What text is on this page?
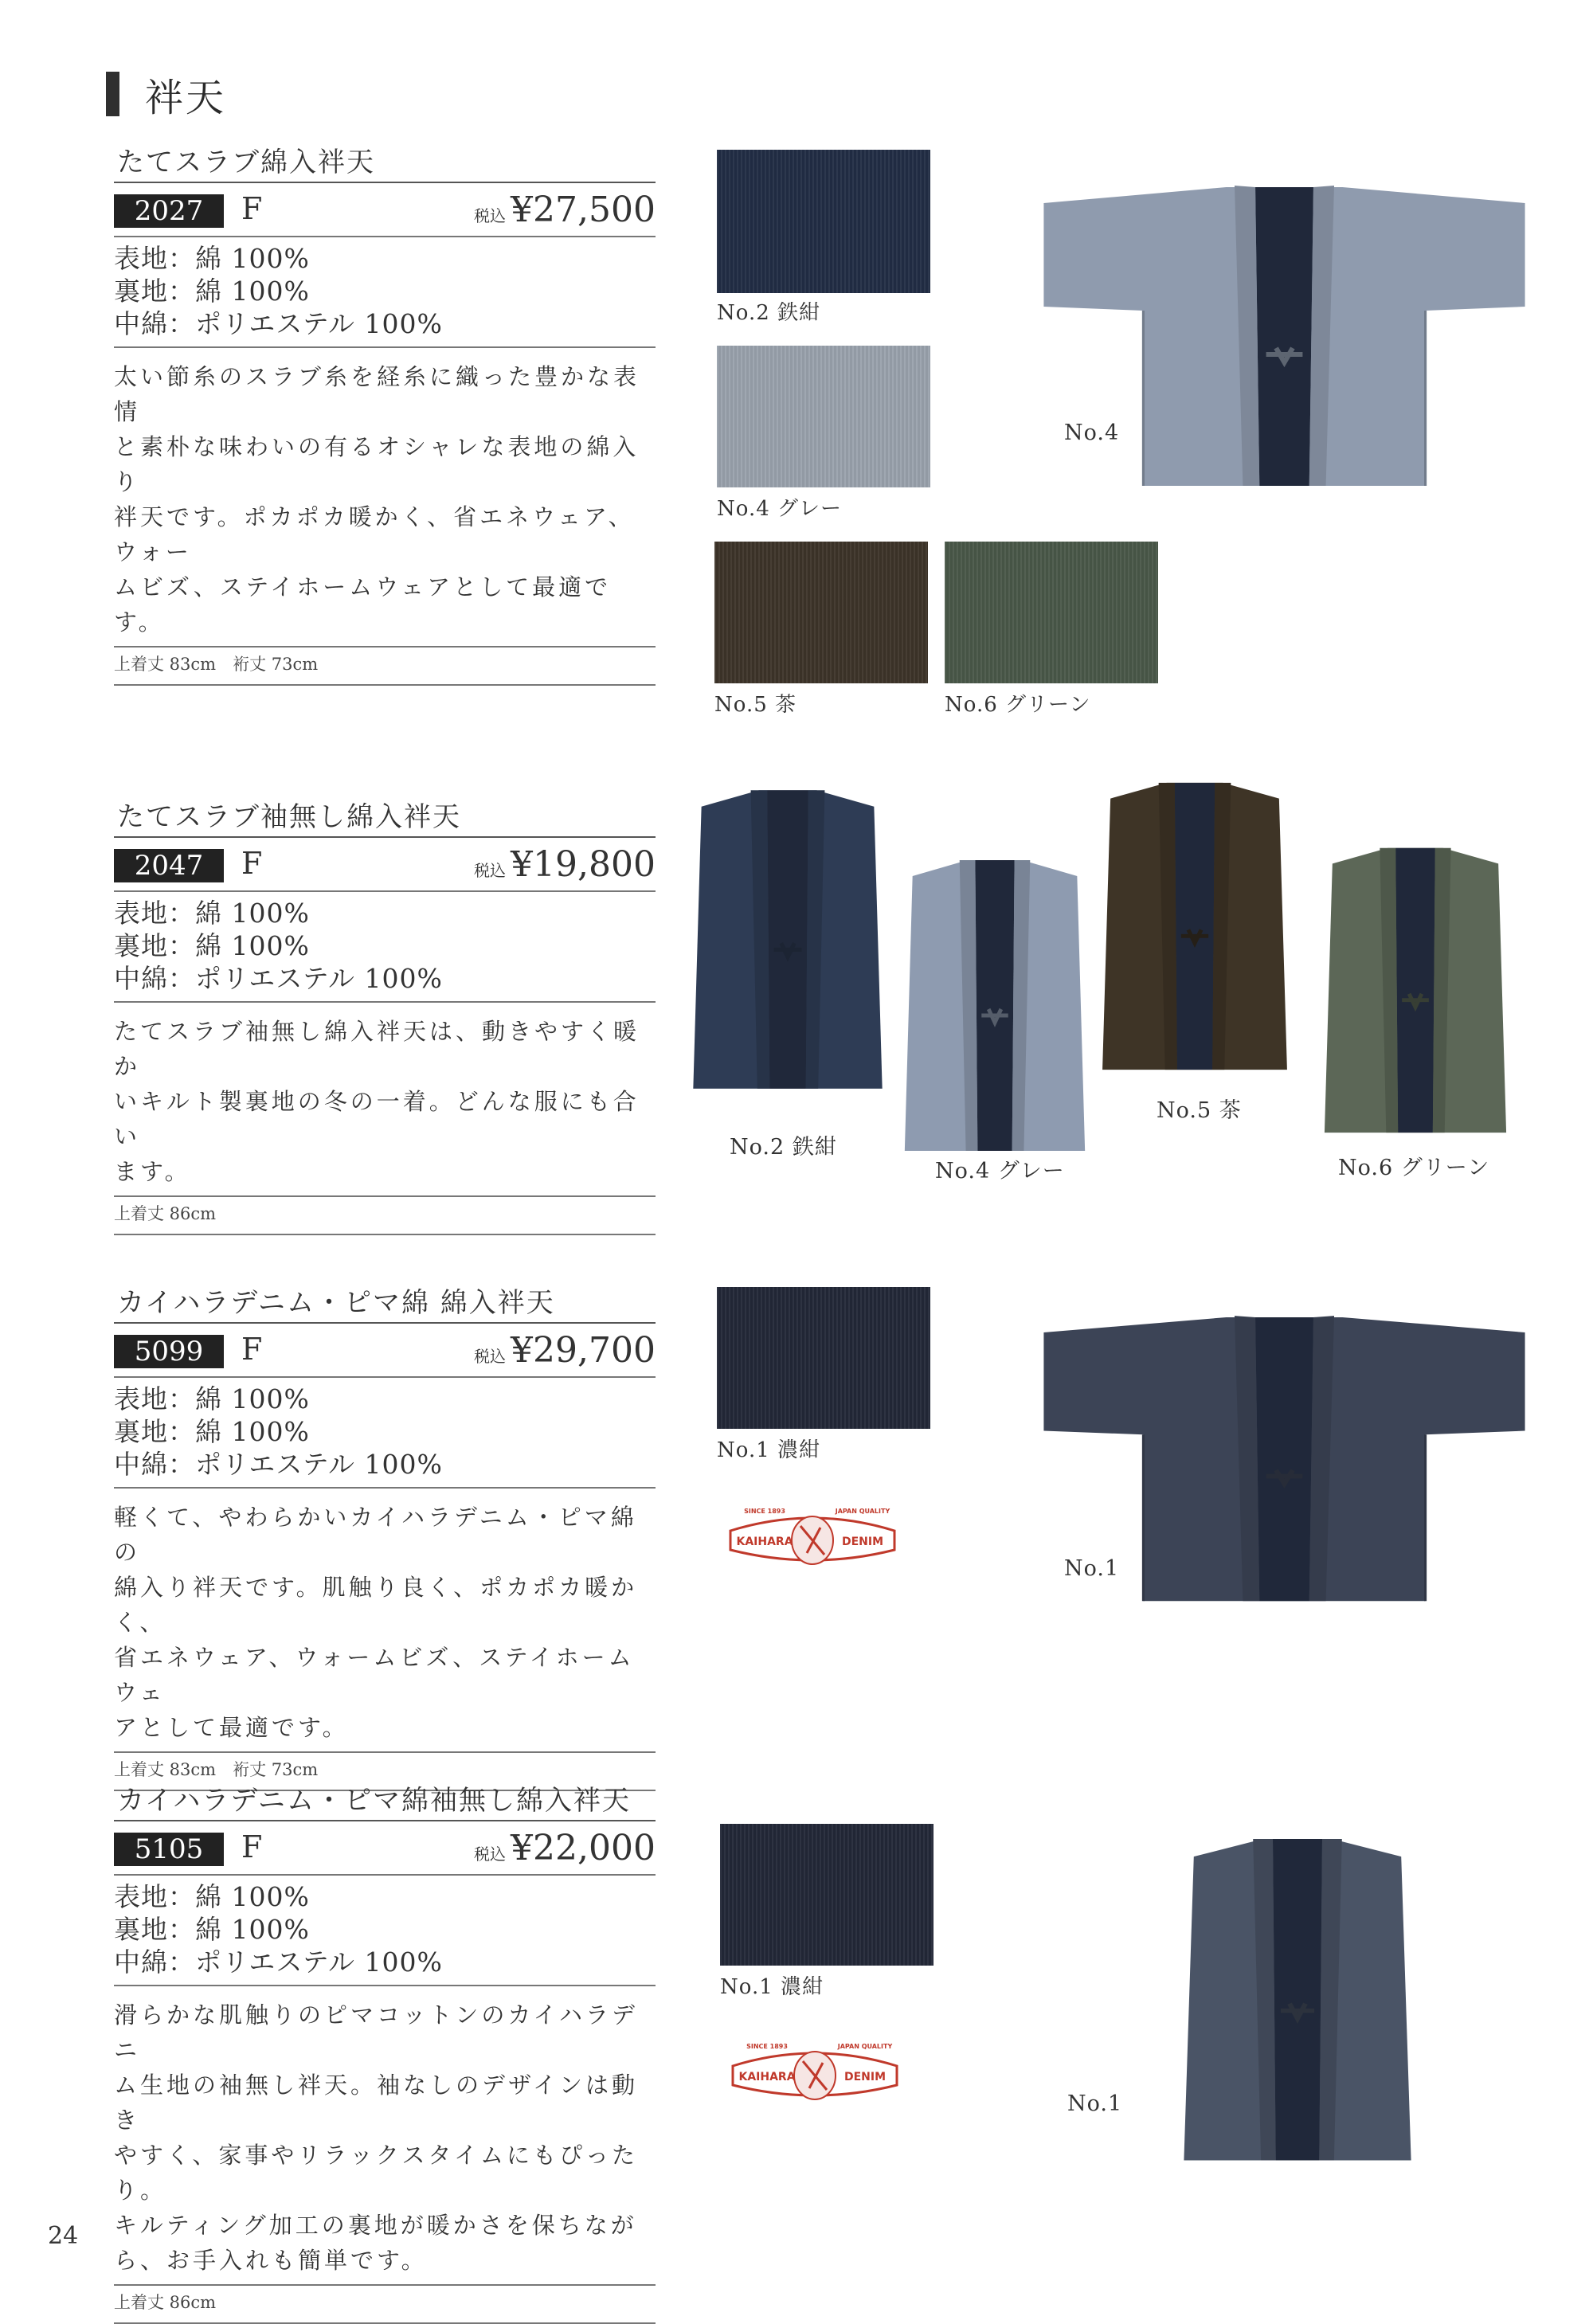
袢天
たてスラブ綿入袢天
2027	F	税込 ¥27,500
表地：綿 100%
裏地：綿 100%
中綿：ポリエステル 100%
太い節糸のスラブ糸を経糸に織った豊かな表情
と素朴な味わいの有るオシャレな表地の綿入り
袢天です。ポカポカ暖かく、省エネウェア、ウォー
ムビズ、ステイホームウェアとして最適です。
上着丈 83cm　裄丈 73cm
No.2 鉄紺
No.4 グレー
No.5 茶	No.6 グリーン
No.4
たてスラブ袖無し綿入袢天
2047	F	税込 ¥19,800
表地：綿 100%
裏地：綿 100%
中綿：ポリエステル 100%
たてスラブ袖無し綿入袢天は、動きやすく暖か
いキルト製裏地の冬の一着。どんな服にも合い
ます。
上着丈 86cm
No.2 鉄紺
No.4 グレー
No.5 茶
No.6 グリーン
カイハラデニム・ピマ綿 綿入袢天
5099	F	税込 ¥29,700
表地：綿 100%
裏地：綿 100%
中綿：ポリエステル 100%
軽くて、やわらかいカイハラデニム・ピマ綿の
綿入り袢天です。肌触り良く、ポカポカ暖かく、
省エネウェア、ウォームビズ、ステイホームウェ
アとして最適です。
上着丈 83cm　裄丈 73cm
No.1 濃紺
SINCE 1893	JAPAN QUALITY
KAIHARA	DENIM
No.1
カイハラデニム・ピマ綿袖無し綿入袢天
5105	F	税込 ¥22,000
表地：綿 100%
裏地：綿 100%
中綿：ポリエステル 100%
滑らかな肌触りのピマコットンのカイハラデニ
ム生地の袖無し袢天。袖なしのデザインは動き
やすく、家事やリラックスタイムにもぴったり。
キルティング加工の裏地が暖かさを保ちなが
ら、お手入れも簡単です。
上着丈 86cm
No.1 濃紺
SINCE 1893	JAPAN QUALITY
KAIHARA	DENIM
No.1
24
